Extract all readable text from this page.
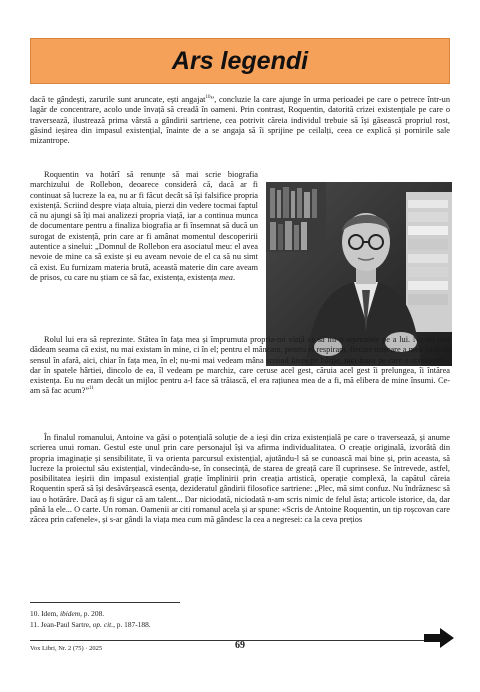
Ars legendi

dacă te gândești, zarurile sunt aruncate, ești angajat$^{10}$”, concluzie la care ajunge în urma perioadei pe care o petrece într-un lagăr de concentrare, acolo unde învață să creadă în oameni. Prin contrast, Roquentin, datorită crizei existențiale pe care o traversează, ilustrează prima vârstă a gândirii sartriene, cea potrivit căreia individul trebuie să își găsească propriul rost, găsind ieșirea din impasul existențial, înainte de a se angaja să îi sprijine pe ceilalți, ceea ce explică și pornirile sale mizantrope.

Roquentin va hotărî să renunțe să mai scrie biografia marchizului de Rollebon, deoarece consideră că, dacă ar fi continuat să lucreze la ea, nu ar fi făcut decât să își falsifice propria existență. Scriind despre viața altuia, pierzi din vedere tocmai faptul că nu ajungi să îți mai analizezi propria viață, iar a continua munca de documentare pentru a finaliza biografia ar fi însemnat să ducă un surogat de existență, prin care ar fi amânat momentul descoperirii autentice a sinelui: „Domnul de Rollebon era asociatul meu: el avea nevoie de mine ca să existe și eu aveam nevoie de el ca să nu simt că exist. Eu furnizam materia brută, această materie din care aveam de prisos, cu care nu știam ce să fac, existența, existența mea.

Rolul lui era să reprezinte. Stătea în fața mea și împrumuta propria-mi viață ca să mi-o reprezinte pe a lui. Nu-mi mai dădeam seama că exist, nu mai existam în mine, ci în el; pentru el mâncam, pentru el respiram, fiecare mișcare a mea își avea sensul în afară, aici, chiar în fața mea, în el; nu-mi mai vedeam mâna scriind litere pe hârtie, nici fraza pe care o scrisesem – dar în spatele hârtiei, dincolo de ea, îl vedeam pe marchiz, care ceruse acel gest, căruia acel gest îi prelungea, îi întărea existența. Eu nu eram decât un mijloc pentru a-l face să trăiască, el era rațiunea mea de a fi, mă elibera de mine însumi. Ce-am să fac acum?”$^{11}$

În finalul romanului, Antoine va găsi o potențială soluție de a ieși din criza existențială pe care o traversează, și anume scrierea unui roman. Gestul este unul prin care personajul își va afirma individualitatea. O creație originală, izvorâtă din propria imaginație și sensibilitate, îi va orienta parcursul existențial, ajutându-l să se cunoască mai bine și, prin aceasta, să lucreze la proiectul său existențial, vindecându-se, în consecință, de starea de greață care îl cuprinsese. Se întrevede, astfel, posibilitatea ieșirii din impasul existențial grație împlinirii prin creația artistică, operație complexă, la capătul căreia Roquentin speră să își desăvârșească esența, dezideratul gândirii filosofice sartriene: „Plec, mă simt confuz. Nu îndrăznesc să iau o hotărâre. Dacă aș fi sigur că am talent... Dar niciodată, niciodată n-am scris nimic de felul ăsta; articole istorice, da, dar până la ele... O carte. Un roman. Oamenii ar citi romanul acela și ar spune: «Scris de Antoine Roquentin, un tip roșcovan care zăcea prin cafenele», și s-ar gândi la viața mea cum mă gândesc la cea a negresei: ca la ceva prețios

10. Idem, ibidem, p. 208.
11. Jean-Paul Sartre, op. cit., p. 187-188.
Vox Libri, Nr. 2 (75) · 2025	69
